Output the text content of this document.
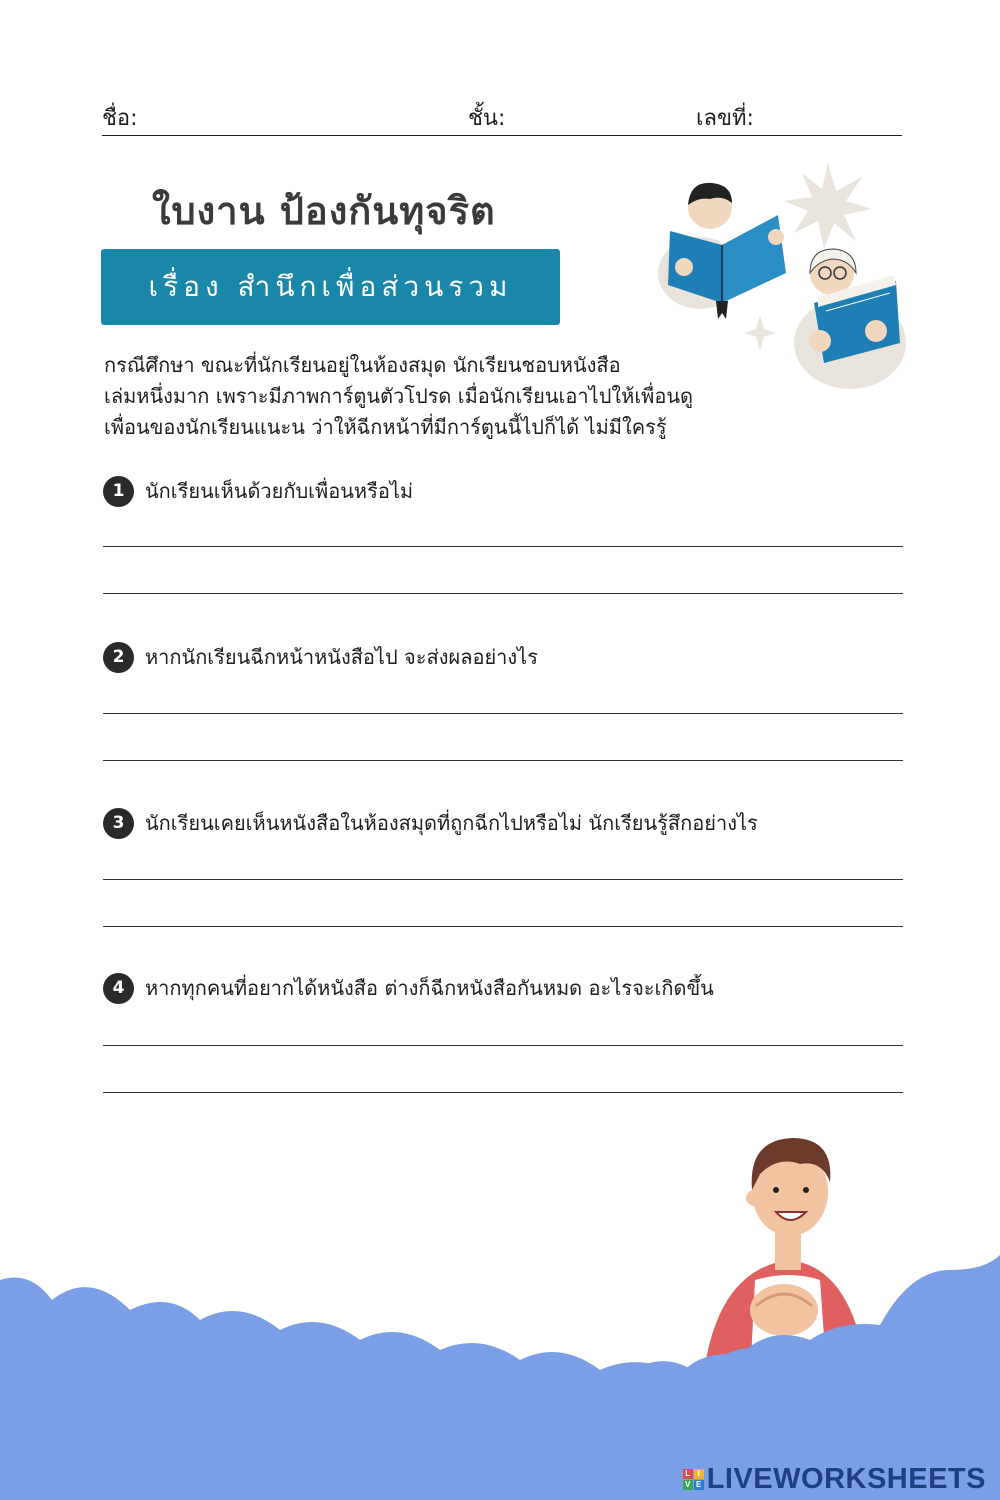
ชื่อ:	ชั้น:	เลขที่:
ใบงาน ป้องกันทุจริต
เรื่อง สำนึกเพื่อส่วนรวม
กรณีศึกษา ขณะที่นักเรียนอยู่ในห้องสมุด นักเรียนชอบหนังสือ
เล่มหนึ่งมาก เพราะมีภาพการ์ตูนตัวโปรด เมื่อนักเรียนเอาไปให้เพื่อนดู
เพื่อนของนักเรียนแนะน ว่าให้ฉีกหน้าที่มีการ์ตูนนี้ไปก็ได้ ไม่มีใครรู้
1	นักเรียนเห็นด้วยกับเพื่อนหรือไม่
2	หากนักเรียนฉีกหน้าหนังสือไป จะส่งผลอย่างไร
3	นักเรียนเคยเห็นหนังสือในห้องสมุดที่ถูกฉีกไปหรือไม่ นักเรียนรู้สึกอย่างไร
4	หากทุกคนที่อยากได้หนังสือ ต่างก็ฉีกหนังสือกันหมด อะไรจะเกิดขึ้น
L I
V E LIVEWORKSHEETS
